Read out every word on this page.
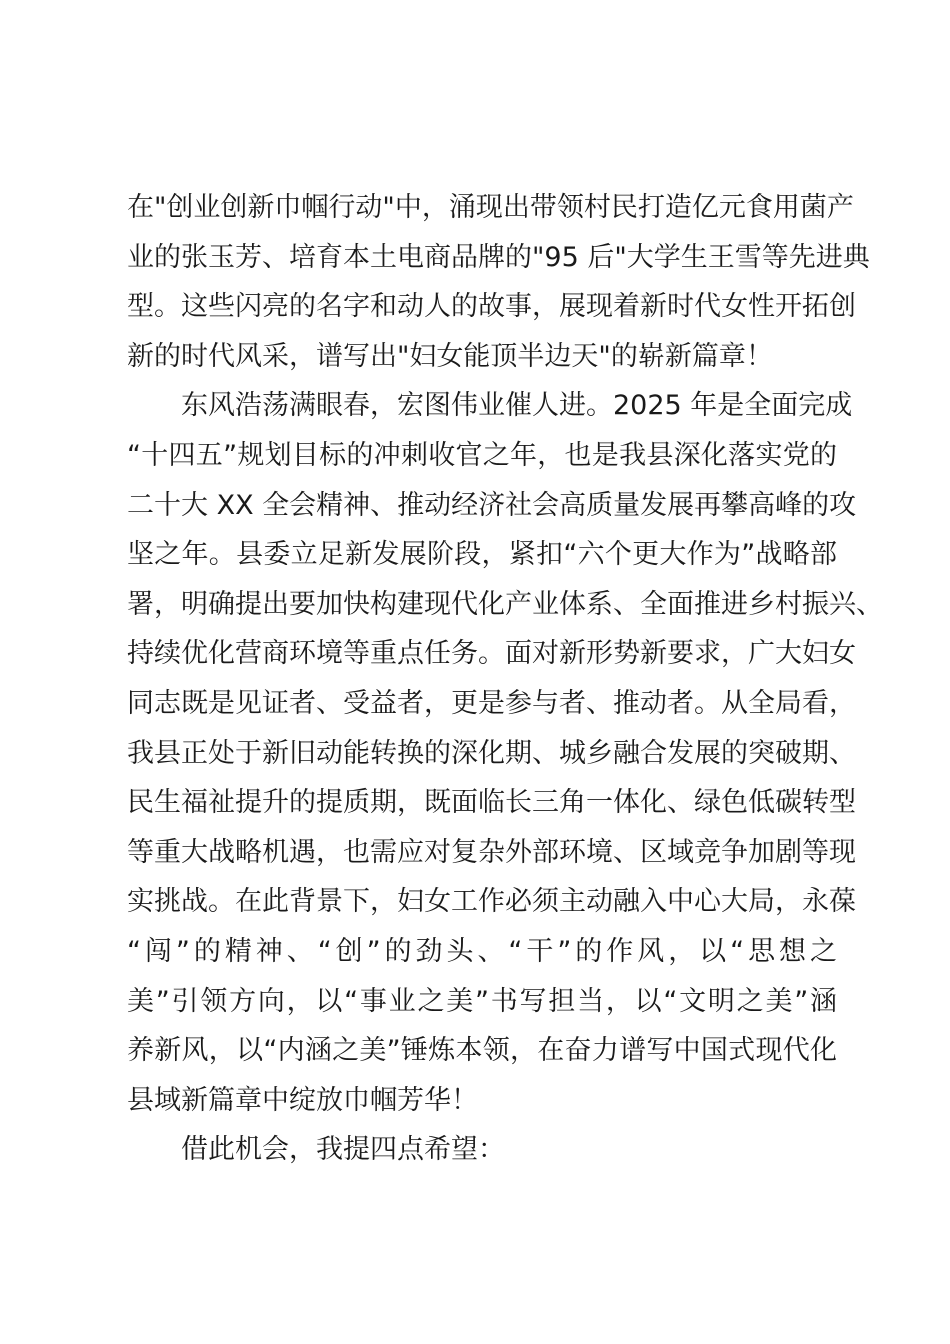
在"创业创新巾帼行动"中，涌现出带领村民打造亿元食用菌产
业的张玉芳、培育本土电商品牌的"95 后"大学生王雪等先进典
型。这些闪亮的名字和动人的故事，展现着新时代女性开拓创
新的时代风采，谱写出"妇女能顶半边天"的崭新篇章！
东风浩荡满眼春，宏图伟业催人进。2025 年是全面完成
“十四五”规划目标的冲刺收官之年，也是我县深化落实党的
二十大 XX 全会精神、推动经济社会高质量发展再攀高峰的攻
坚之年。县委立足新发展阶段，紧扣“六个更大作为”战略部
署，明确提出要加快构建现代化产业体系、全面推进乡村振兴、
持续优化营商环境等重点任务。面对新形势新要求，广大妇女
同志既是见证者、受益者，更是参与者、推动者。从全局看，
我县正处于新旧动能转换的深化期、城乡融合发展的突破期、
民生福祉提升的提质期，既面临长三角一体化、绿色低碳转型
等重大战略机遇，也需应对复杂外部环境、区域竞争加剧等现
实挑战。在此背景下，妇女工作必须主动融入中心大局，永葆
“闯”的精神、“创”的劲头、“干”的作风，以“思想之
美”引领方向，以“事业之美”书写担当，以“文明之美”涵
养新风，以“内涵之美”锤炼本领，在奋力谱写中国式现代化
县域新篇章中绽放巾帼芳华！
借此机会，我提四点希望：
